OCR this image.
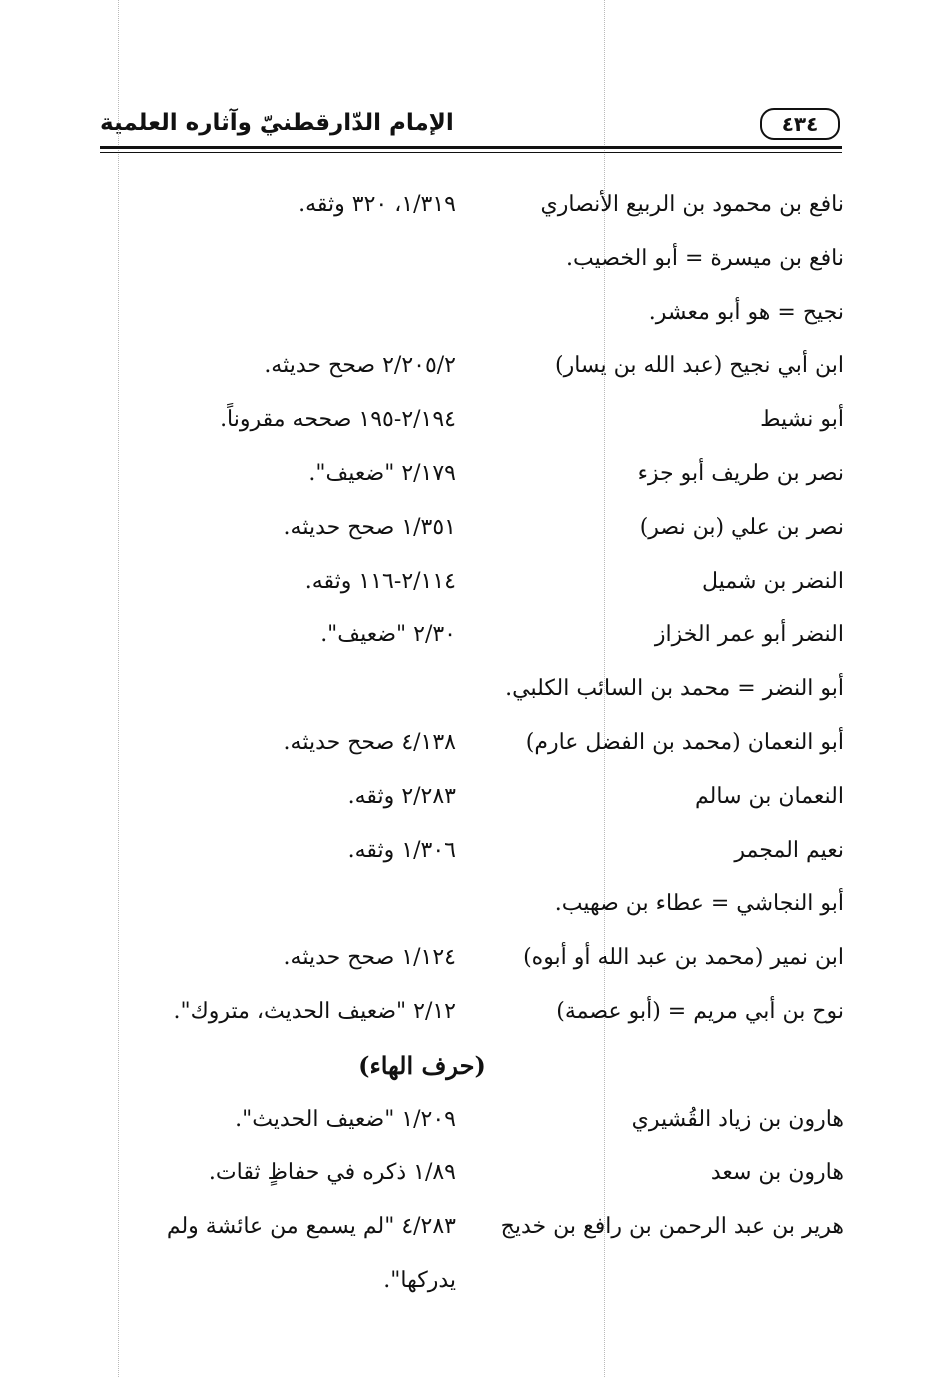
الإمام الدّارقطنيّ وآثاره العلمية	٤٣٤
نافع بن محمود بن الربيع الأنصاري
١/٣١٩، ٣٢٠ وثقه.
نافع بن ميسرة = أبو الخصيب.
نجيح = هو أبو معشر.
ابن أبي نجيح (عبد الله بن يسار)
٢/٢٠٥/٢ صحح حديثه.
أبو نشيط
٢/١٩٤-١٩٥ صححه مقروناً.
نصر بن طريف أبو جزء
٢/١٧٩ "ضعيف".
نصر بن علي (بن نصر)
١/٣٥١ صحح حديثه.
النضر بن شميل
٢/١١٤-١١٦ وثقه.
النضر أبو عمر الخزاز
٢/٣٠ "ضعيف".
أبو النضر = محمد بن السائب الكلبي.
أبو النعمان (محمد بن الفضل عارم)
٤/١٣٨ صحح حديثه.
النعمان بن سالم
٢/٢٨٣ وثقه.
نعيم المجمر
١/٣٠٦ وثقه.
أبو النجاشي = عطاء بن صهيب.
ابن نمير (محمد بن عبد الله أو أبوه)
١/١٢٤ صحح حديثه.
نوح بن أبي مريم = (أبو عصمة)
٢/١٢ "ضعيف الحديث، متروك".
(حرف الهاء)
هارون بن زياد القُشيري
١/٢٠٩ "ضعيف الحديث".
هارون بن سعد
١/٨٩ ذكره في حفاظٍ ثقات.
هرير بن عبد الرحمن بن رافع بن خديج
٤/٢٨٣ "لم يسمع من عائشة ولم
يدركها".
